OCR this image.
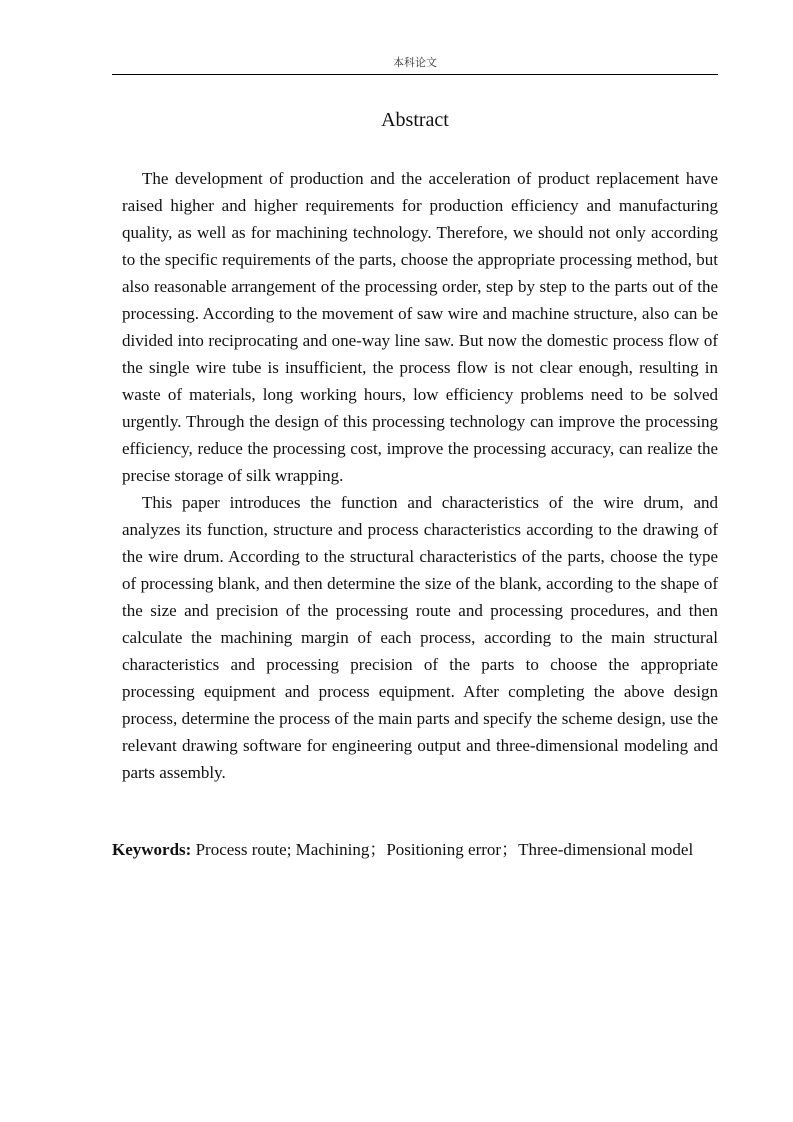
本科论文
Abstract

The development of production and the acceleration of product replacement have raised higher and higher requirements for production efficiency and manufacturing quality, as well as for machining technology. Therefore, we should not only according to the specific requirements of the parts, choose the appropriate processing method, but also reasonable arrangement of the processing order, step by step to the parts out of the processing. According to the movement of saw wire and machine structure, also can be divided into reciprocating and one-way line saw. But now the domestic process flow of the single wire tube is insufficient, the process flow is not clear enough, resulting in waste of materials, long working hours, low efficiency problems need to be solved urgently. Through the design of this processing technology can improve the processing efficiency, reduce the processing cost, improve the processing accuracy, can realize the precise storage of silk wrapping.

This paper introduces the function and characteristics of the wire drum, and analyzes its function, structure and process characteristics according to the drawing of the wire drum. According to the structural characteristics of the parts, choose the type of processing blank, and then determine the size of the blank, according to the shape of the size and precision of the processing route and processing procedures, and then calculate the machining margin of each process, according to the main structural characteristics and processing precision of the parts to choose the appropriate processing equipment and process equipment. After completing the above design process, determine the process of the main parts and specify the scheme design, use the relevant drawing software for engineering output and three-dimensional modeling and parts assembly.

Keywords: Process route; Machining；Positioning error；Three-dimensional model
